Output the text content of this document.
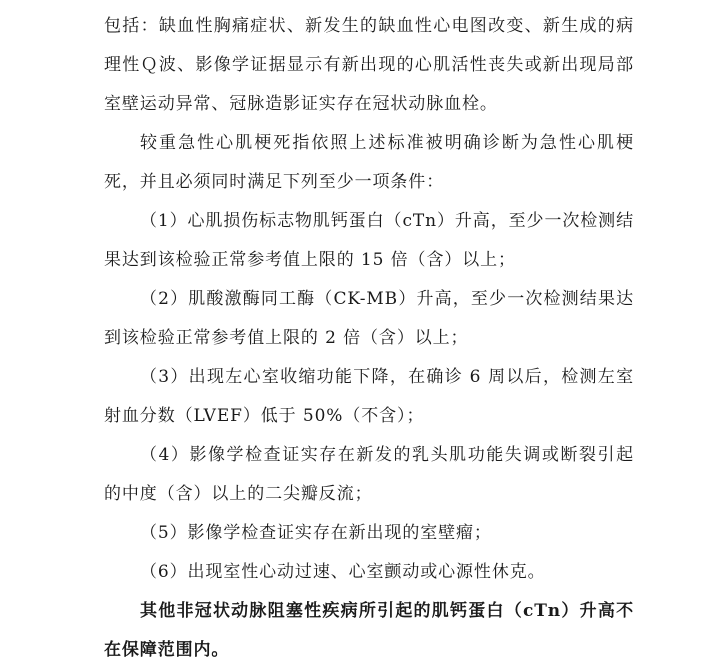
包括：缺血性胸痛症状、新发生的缺血性心电图改变、新生成的病理性Ｑ波、影像学证据显示有新出现的心肌活性丧失或新出现局部室壁运动异常、冠脉造影证实存在冠状动脉血栓。

较重急性心肌梗死指依照上述标准被明确诊断为急性心肌梗死，并且必须同时满足下列至少一项条件：

（1）心肌损伤标志物肌钙蛋白（cTn）升高，至少一次检测结果达到该检验正常参考值上限的 15 倍（含）以上；

（2）肌酸激酶同工酶（CK-MB）升高，至少一次检测结果达到该检验正常参考值上限的 2 倍（含）以上；

（3）出现左心室收缩功能下降，在确诊 6 周以后，检测左室射血分数（LVEF）低于 50%（不含）；

（4）影像学检查证实存在新发的乳头肌功能失调或断裂引起的中度（含）以上的二尖瓣反流；

（5）影像学检查证实存在新出现的室壁瘤；

（6）出现室性心动过速、心室颤动或心源性休克。

其他非冠状动脉阻塞性疾病所引起的肌钙蛋白（cTn）升高不在保障范围内。
